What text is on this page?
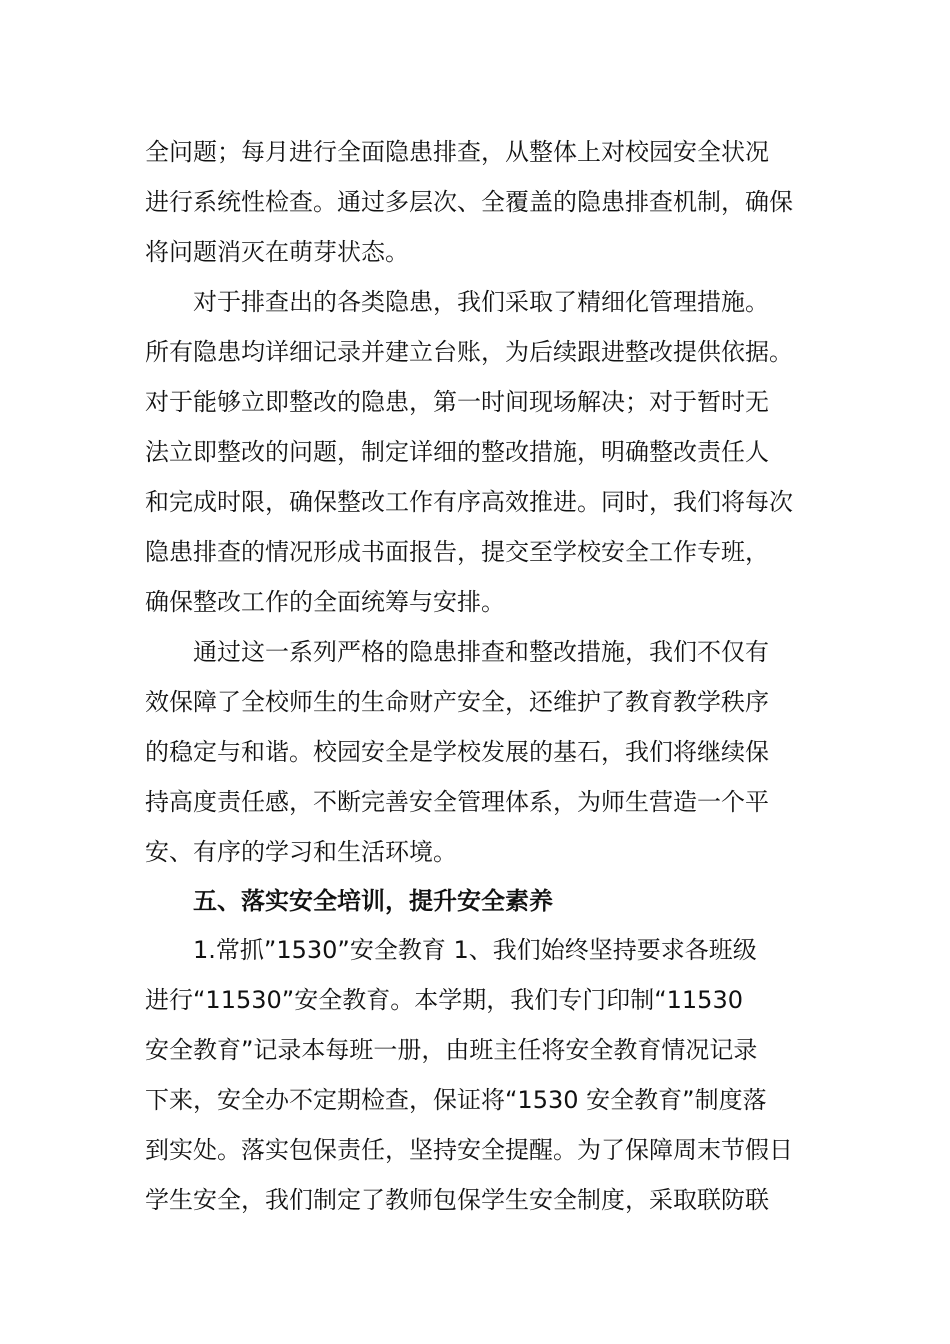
全问题；每月进行全面隐患排查，从整体上对校园安全状况
进行系统性检查。通过多层次、全覆盖的隐患排查机制，确保
将问题消灭在萌芽状态。
对于排查出的各类隐患，我们采取了精细化管理措施。
所有隐患均详细记录并建立台账，为后续跟进整改提供依据。
对于能够立即整改的隐患，第一时间现场解决；对于暂时无
法立即整改的问题，制定详细的整改措施，明确整改责任人
和完成时限，确保整改工作有序高效推进。同时，我们将每次
隐患排查的情况形成书面报告，提交至学校安全工作专班，
确保整改工作的全面统筹与安排。
通过这一系列严格的隐患排查和整改措施，我们不仅有
效保障了全校师生的生命财产安全，还维护了教育教学秩序
的稳定与和谐。校园安全是学校发展的基石，我们将继续保
持高度责任感，不断完善安全管理体系，为师生营造一个平
安、有序的学习和生活环境。
五、落实安全培训，提升安全素养
1.常抓”1530”安全教育 1、我们始终坚持要求各班级
进行“11530”安全教育。本学期，我们专门印制“11530
安全教育”记录本每班一册，由班主任将安全教育情况记录
下来，安全办不定期检查，保证将“1530 安全教育”制度落
到实处。落实包保责任，坚持安全提醒。为了保障周末节假日
学生安全，我们制定了教师包保学生安全制度，采取联防联
